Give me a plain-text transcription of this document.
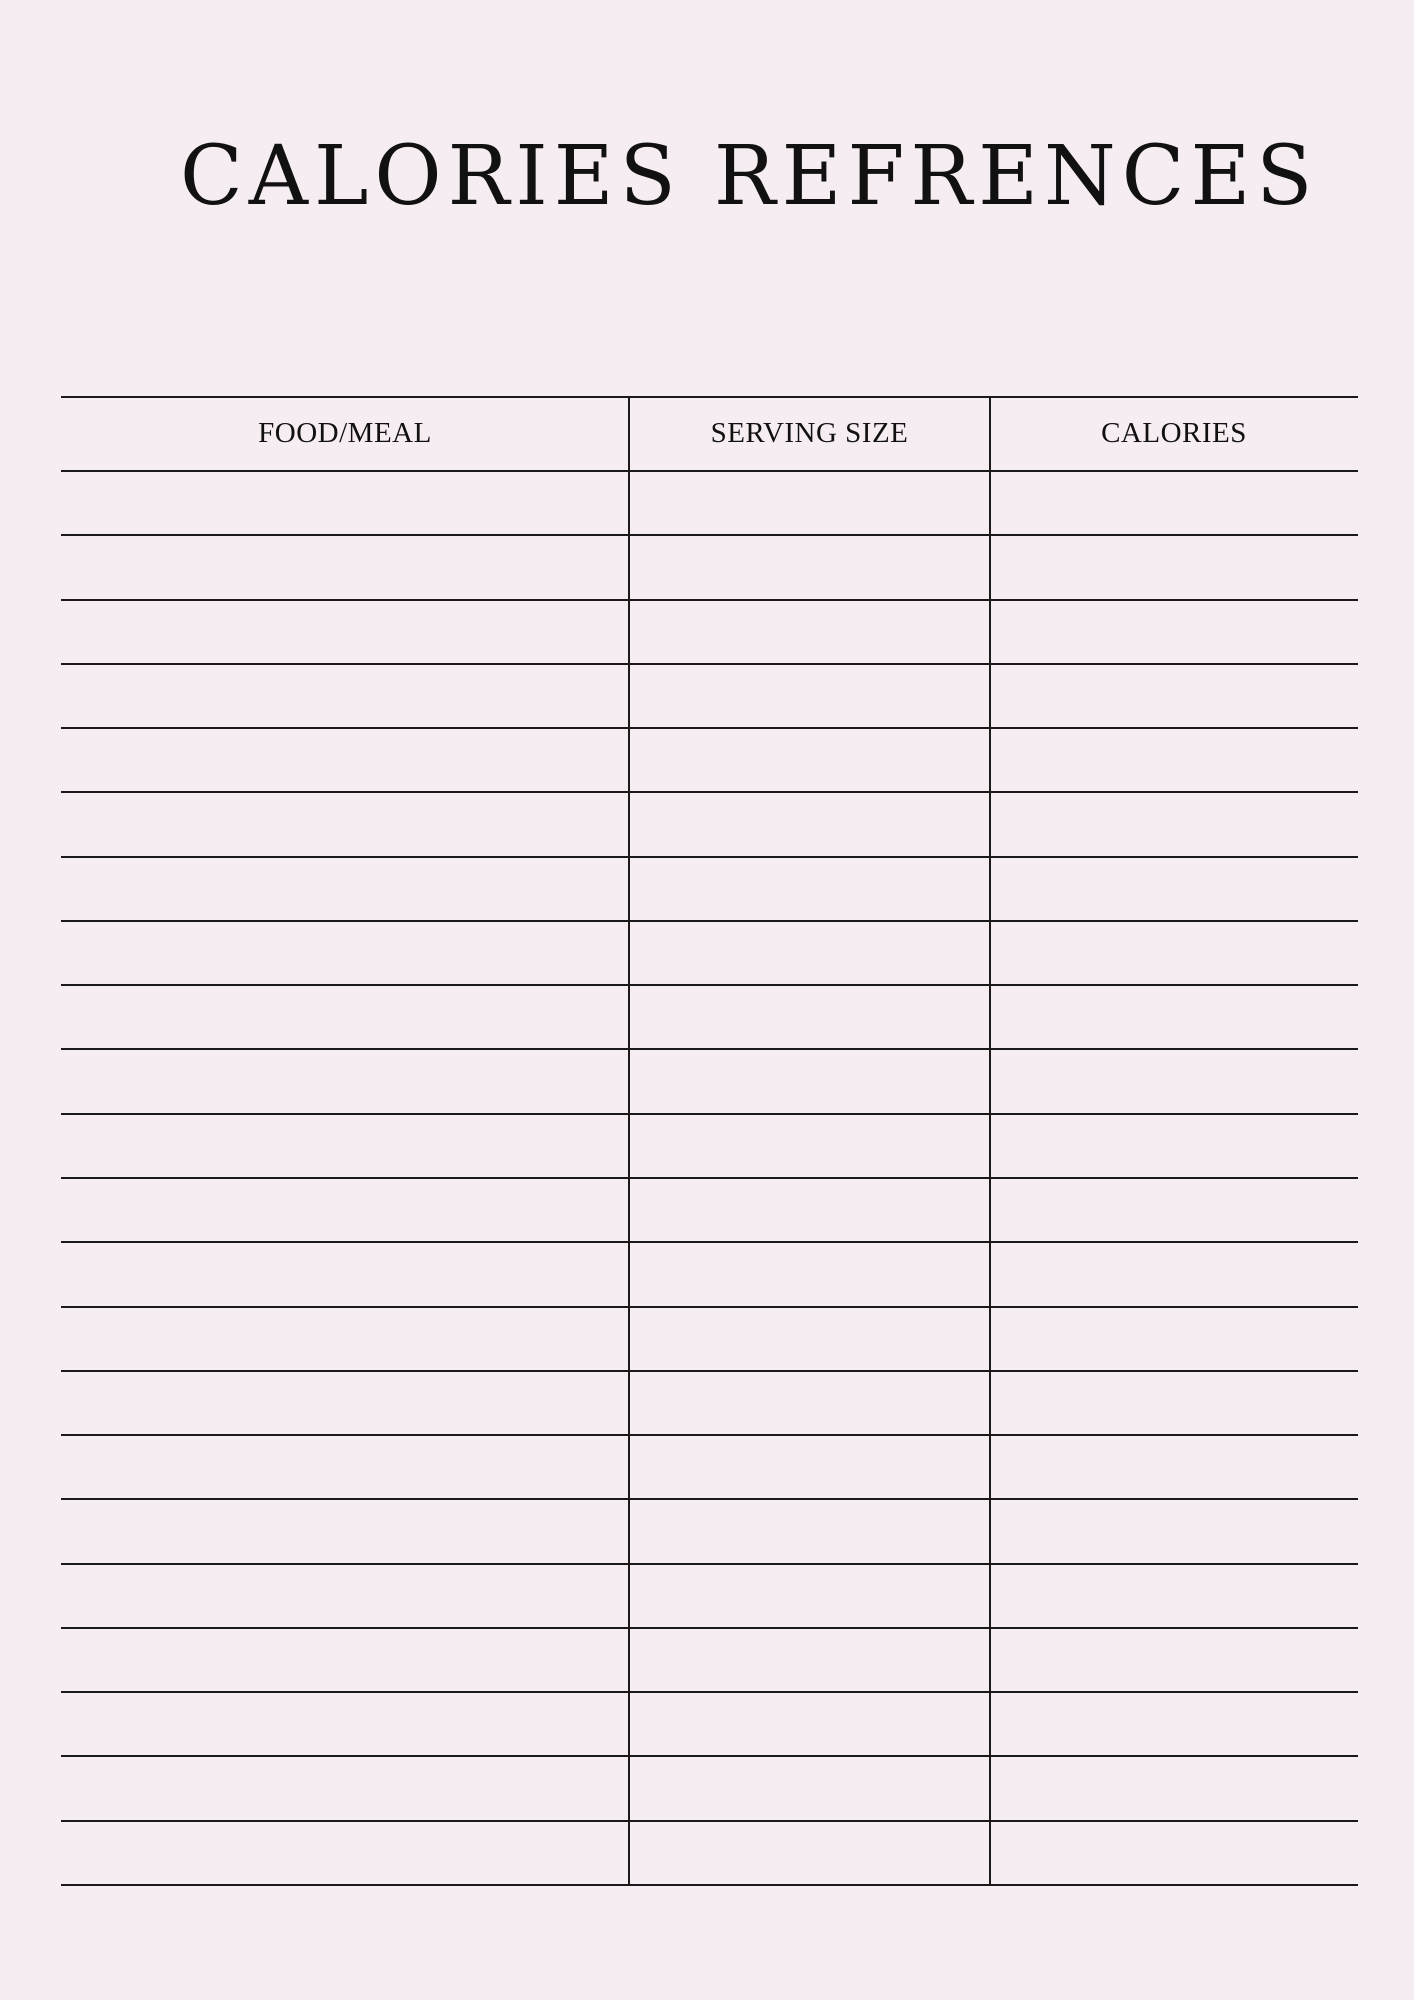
CALORIES REFRENCES
FOOD/MEAL	SERVING SIZE	CALORIES
